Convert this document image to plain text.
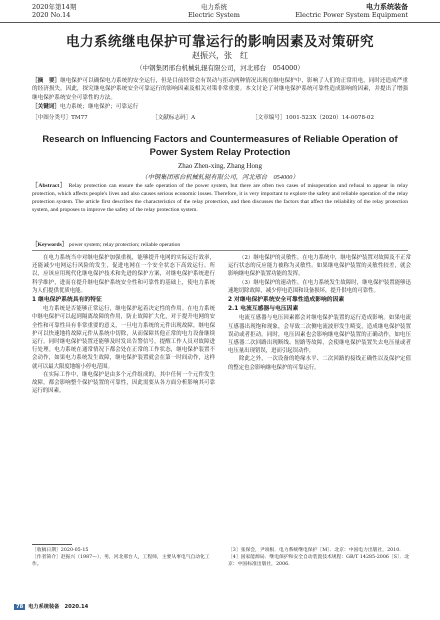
2020年第14期
2020 No.14
电力系统
Electric System
电力系统装备
Electric Power System Equipment
电力系统继电保护可靠运行的影响因素及对策研究
赵振兴，张　红
（中钢集团邢台机械轧辊有限公司，河北邢台　054000）
［摘　要］继电保护可以确保电力系统的安全运行，但是目前经常会有误动与拒动两种情况出现在继电保护中，影响了人们的正常用电，同时还造成严重的经济损失。因此，探究继电保护系统安全可靠运行的影响因素及相关对策非常重要。本文讨论了对继电保护系统可靠性造成影响的因素，并提出了增强继电保护系统安全可靠性的方法。
［关键词］电力系统；继电保护；可靠运行
［中图分类号］TM77	［文献标志码］A	［文章编号］1001-523X（2020）14-0078-02
Research on Influencing Factors and Countermeasures of Reliable Operation of Power System Relay Protection
Zhao Zhen-xing, Zhang Hong
（中钢集团邢台机械轧辊有限公司，河北邢台　054000）
［Abstract］ Relay protection can ensure the safe operation of the power system, but there are often two cases of misoperation and refusal to appear in relay protection, which affects people's lives and also causes serious economic losses. Therefore, it is very important to explore the safety and reliable operation of the relay protection system. The article first describes the characteristics of the relay protection, and then discusses the factors that affect the reliability of the relay protection system, and proposes to improve the safety of the relay protection system.
［Keywords］ power system; relay protection; reliable operation

在电力系统当中对继电保护加强重视，能够提升电网的实际运行效率，还能减少电网运行风险的发生，促进电网在一个安全状态下高效运行。所以，应该应用现代化继电保护技术和先进的保护方案，对继电保护系统进行科学维护，进而在提升继电保护系统安全性和可靠性的基础上，使电力系统为人们提供优质电能。

1 继电保护系统具有的特征

电力系统是否能够正常运行，继电保护起着决定性的作用。在电力系统中继电保护可以起到隔离故障的作用，防止故障扩大化，对于提升电网的安全性和可靠性具有非常重要的意义，一旦电力系统的元件出现故障，继电保护可以快速地将故障元件从系统中切除，从而保障其他正常的电力设备继续运行。同时继电保护装置还能够及时发出告警信号，提醒工作人员对故障进行处理。电力系统在通常情况下都会处在正常的工作状态，继电保护装置不会动作，如果电力系统发生故障，继电保护装置就会在第一时间动作，这样就可以最大限度地缩小停电范围。

在实际工作中，继电保护是由多个元件组成的，其中任何一个元件发生故障，都会影响整个保护装置的可靠性，因此需要从各方面分析影响其可靠运行的因素。

（2）继电保护的灵敏性。在电力系统中，继电保护装置对故障及不正常运行状态的反应能力被称为灵敏性。如果继电保护装置的灵敏性较差，就会影响继电保护装置功能的发挥。

（3）继电保护的速动性。在电力系统发生故障时，继电保护装置能够迅速地切除故障，减少停电范围和设备损坏，提升供电的可靠性。

2 对继电保护系统安全可靠性造成影响的因素
2.1 电流互感器与电压因素

电流互感器与电压因素都会对继电保护装置的运行造成影响。如果电流互感器出现饱和现象，会导致二次侧电流波形发生畸变，造成继电保护装置误动或者拒动。同时，电压因素也会影响继电保护装置的正确动作，如电压互感器二次回路出现断线、短路等故障，会使继电保护装置失去电压量或者电压量出现错误，进而引起误动作。

除此之外，一次设备的绝缘水平、二次回路的接线正确性以及保护定值的整定也会影响继电保护的可靠运行。

［收稿日期］2020-05-15
［作者简介］赵振兴（1987—），男，河北邢台人，工程师，主要从事电气自动化工作。
［3］张保会，尹项根．电力系统继电保护［M］．北京：中国电力出版社，2010.
［4］国家能源局．继电保护和安全自动装置技术规程：GB/T 14285-2006［S］．北京：中国标准出版社，2006.
78 电力系统装备　2020.14
